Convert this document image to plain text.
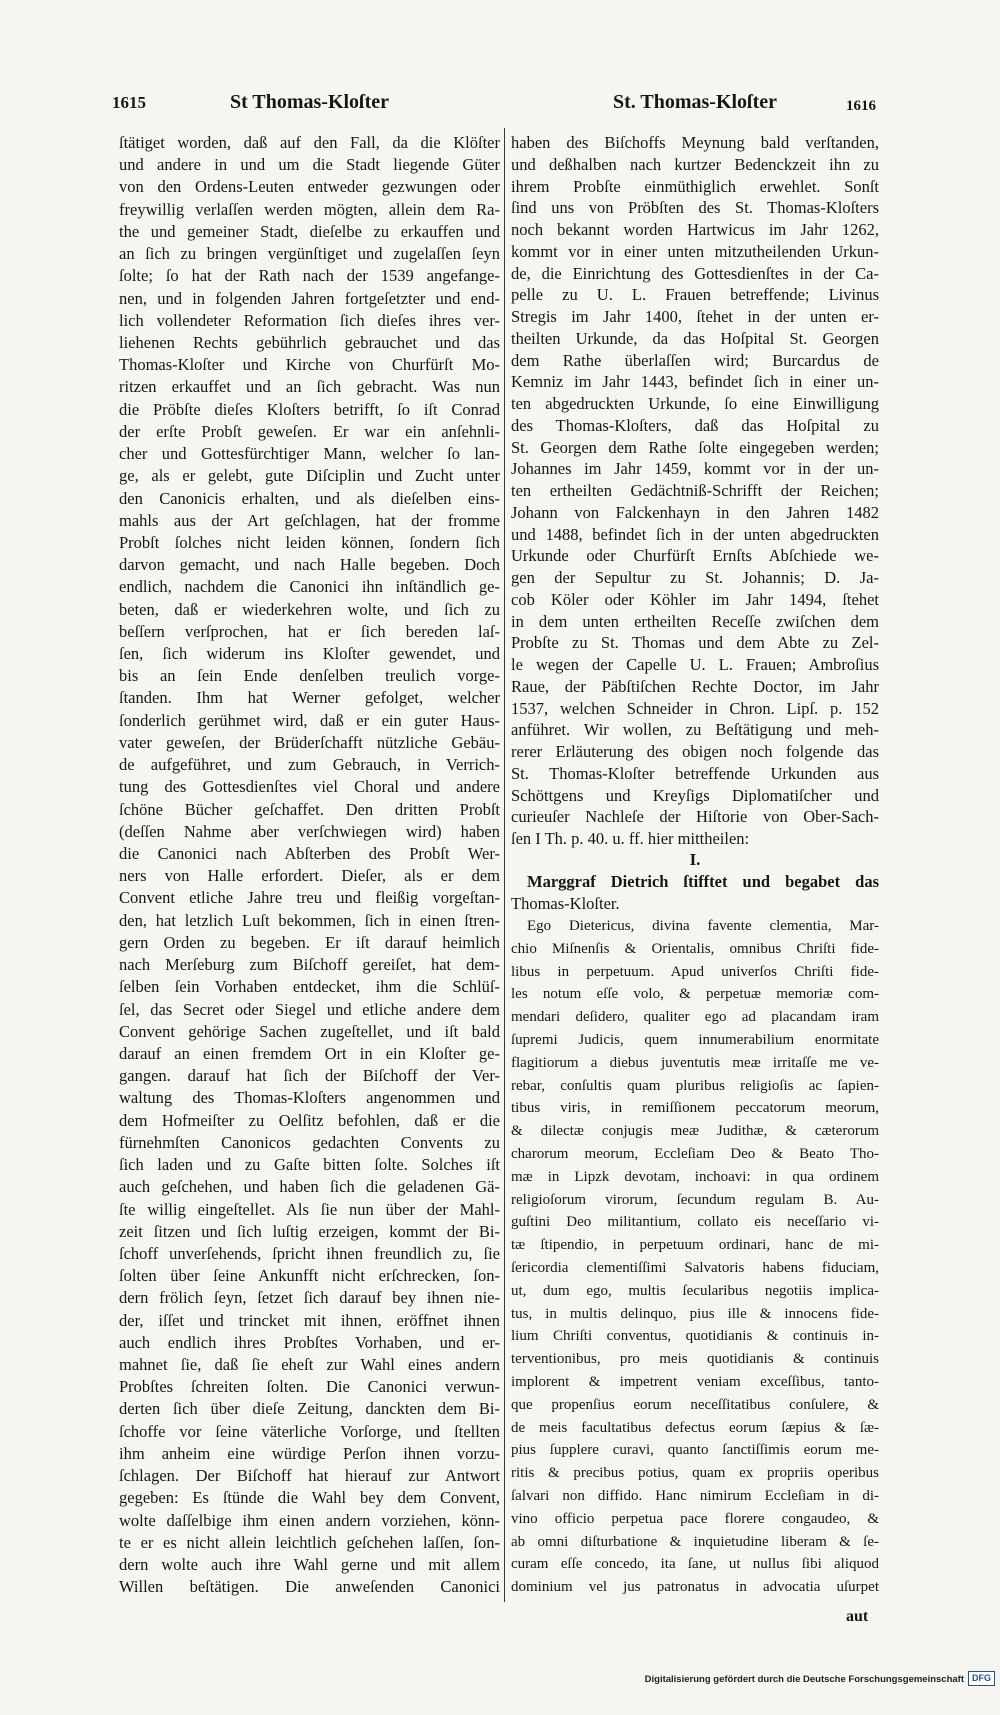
1615	St Thomas-Kloſter	St. Thomas-Kloſter	1616
ſtätiget worden, daß auf den Fall, da die Klöſter
und andere in und um die Stadt liegende Güter
von den Ordens-Leuten entweder gezwungen oder
freywillig verlaſſen werden mögten, allein dem Ra-
the und gemeiner Stadt, dieſelbe zu erkauffen und
an ſich zu bringen vergünſtiget und zugelaſſen ſeyn
ſolte; ſo hat der Rath nach der 1539 angefange-
nen, und in folgenden Jahren fortgeſetzter und end-
lich vollendeter Reformation ſich dieſes ihres ver-
liehenen Rechts gebührlich gebrauchet und das
Thomas-Kloſter und Kirche von Churfürſt Mo-
ritzen erkauffet und an ſich gebracht. Was nun
die Pröbſte dieſes Kloſters betrifft, ſo iſt Conrad
der erſte Probſt geweſen. Er war ein anſehnli-
cher und Gottesfürchtiger Mann, welcher ſo lan-
ge, als er gelebt, gute Diſciplin und Zucht unter
den Canonicis erhalten, und als dieſelben eins-
mahls aus der Art geſchlagen, hat der fromme
Probſt ſolches nicht leiden können, ſondern ſich
darvon gemacht, und nach Halle begeben. Doch
endlich, nachdem die Canonici ihn inſtändlich ge-
beten, daß er wiederkehren wolte, und ſich zu
beſſern verſprochen, hat er ſich bereden laſ-
ſen, ſich widerum ins Kloſter gewendet, und
bis an ſein Ende denſelben treulich vorge-
ſtanden. Ihm hat Werner gefolget, welcher
ſonderlich gerühmet wird, daß er ein guter Haus-
vater geweſen, der Brüderſchafft nützliche Gebäu-
de aufgeführet, und zum Gebrauch, in Verrich-
tung des Gottesdienſtes viel Choral und andere
ſchöne Bücher geſchaffet. Den dritten Probſt
(deſſen Nahme aber verſchwiegen wird) haben
die Canonici nach Abſterben des Probſt Wer-
ners von Halle erfordert. Dieſer, als er dem
Convent etliche Jahre treu und fleißig vorgeſtan-
den, hat letzlich Luſt bekommen, ſich in einen ſtren-
gern Orden zu begeben. Er iſt darauf heimlich
nach Merſeburg zum Biſchoff gereiſet, hat dem-
ſelben ſein Vorhaben entdecket, ihm die Schlüſ-
ſel, das Secret oder Siegel und etliche andere dem
Convent gehörige Sachen zugeſtellet, und iſt bald
darauf an einen fremdem Ort in ein Kloſter ge-
gangen. darauf hat ſich der Biſchoff der Ver-
waltung des Thomas-Kloſters angenommen und
dem Hofmeiſter zu Oelſitz befohlen, daß er die
fürnehmſten Canonicos gedachten Convents zu
ſich laden und zu Gaſte bitten ſolte. Solches iſt
auch geſchehen, und haben ſich die geladenen Gä-
ſte willig eingeſtellet. Als ſie nun über der Mahl-
zeit ſitzen und ſich luſtig erzeigen, kommt der Bi-
ſchoff unverſehends, ſpricht ihnen freundlich zu, ſie
ſolten über ſeine Ankunfft nicht erſchrecken, ſon-
dern frölich ſeyn, ſetzet ſich darauf bey ihnen nie-
der, iſſet und trincket mit ihnen, eröffnet ihnen
auch endlich ihres Probſtes Vorhaben, und er-
mahnet ſie, daß ſie eheſt zur Wahl eines andern
Probſtes ſchreiten ſolten. Die Canonici verwun-
derten ſich über dieſe Zeitung, danckten dem Bi-
ſchoffe vor ſeine väterliche Vorſorge, und ſtellten
ihm anheim eine würdige Perſon ihnen vorzu-
ſchlagen. Der Biſchoff hat hierauf zur Antwort
gegeben: Es ſtünde die Wahl bey dem Convent,
wolte daſſelbige ihm einen andern vorziehen, könn-
te er es nicht allein leichtlich geſchehen laſſen, ſon-
dern wolte auch ihre Wahl gerne und mit allem
Willen beſtätigen. Die anweſenden Canonici
haben des Biſchoffs Meynung bald verſtanden,
und deßhalben nach kurtzer Bedenckzeit ihn zu
ihrem Probſte einmüthiglich erwehlet. Sonſt
ſind uns von Pröbſten des St. Thomas-Kloſters
noch bekannt worden Hartwicus im Jahr 1262,
kommt vor in einer unten mitzutheilenden Urkun-
de, die Einrichtung des Gottesdienſtes in der Ca-
pelle zu U. L. Frauen betreffende; Livinus
Stregis im Jahr 1400, ſtehet in der unten er-
theilten Urkunde, da das Hoſpital St. Georgen
dem Rathe überlaſſen wird; Burcardus de
Kemniz im Jahr 1443, befindet ſich in einer un-
ten abgedruckten Urkunde, ſo eine Einwilligung
des Thomas-Kloſters, daß das Hoſpital zu
St. Georgen dem Rathe ſolte eingegeben werden;
Johannes im Jahr 1459, kommt vor in der un-
ten ertheilten Gedächtniß-Schrifft der Reichen;
Johann von Falckenhayn in den Jahren 1482
und 1488, befindet ſich in der unten abgedruckten
Urkunde oder Churfürſt Ernſts Abſchiede we-
gen der Sepultur zu St. Johannis; D. Ja-
cob Köler oder Köhler im Jahr 1494, ſtehet
in dem unten ertheilten Receſſe zwiſchen dem
Probſte zu St. Thomas und dem Abte zu Zel-
le wegen der Capelle U. L. Frauen; Ambroſius
Raue, der Päbſtiſchen Rechte Doctor, im Jahr
1537, welchen Schneider in Chron. Lipſ. p. 152
anführet. Wir wollen, zu Beſtätigung und meh-
rerer Erläuterung des obigen noch folgende das
St. Thomas-Kloſter betreffende Urkunden aus
Schöttgens und Kreyſigs Diplomatiſcher und
curieuſer Nachleſe der Hiſtorie von Ober-Sach-
ſen I Th. p. 40. u. ff. hier mittheilen:
I.
Marggraf Dietrich ſtifftet und begabet das
Thomas-Kloſter.
Ego Dietericus, divina favente clementia, Mar-
chio Miſnenſis & Orientalis, omnibus Chriſti fide-
libus in perpetuum. Apud univerſos Chriſti fide-
les notum eſſe volo, & perpetuæ memoriæ com-
mendari deſidero, qualiter ego ad placandam iram
ſupremi Judicis, quem innumerabilium enormitate
flagitiorum a diebus juventutis meæ irritaſſe me ve-
rebar, conſultis quam pluribus religioſis ac ſapien-
tibus viris, in remiſſionem peccatorum meorum,
& dilectæ conjugis meæ Judithæ, & cæterorum
charorum meorum, Eccleſiam Deo & Beato Tho-
mæ in Lipzk devotam, inchoavi: in qua ordinem
religioſorum virorum, ſecundum regulam B. Au-
guſtini Deo militantium, collato eis neceſſario vi-
tæ ſtipendio, in perpetuum ordinari, hanc de mi-
ſericordia clementiſſimi Salvatoris habens fiduciam,
ut, dum ego, multis ſecularibus negotiis implica-
tus, in multis delinquo, pius ille & innocens fide-
lium Chriſti conventus, quotidianis & continuis in-
terventionibus, pro meis quotidianis & continuis
implorent & impetrent veniam exceſſibus, tanto-
que propenſius eorum neceſſitatibus conſulere, &
de meis facultatibus defectus eorum ſæpius & ſæ-
pius ſupplere curavi, quanto ſanctiſſimis eorum me-
ritis & precibus potius, quam ex propriis operibus
ſalvari non diffido. Hanc nimirum Eccleſiam in di-
vino officio perpetua pace florere congaudeo, &
ab omni diſturbatione & inquietudine liberam & ſe-
curam eſſe concedo, ita ſane, ut nullus ſibi aliquod
dominium vel jus patronatus in advocatia uſurpet
aut
Digitalisierung gefördert durch die Deutsche Forschungsgemeinschaft DFG
